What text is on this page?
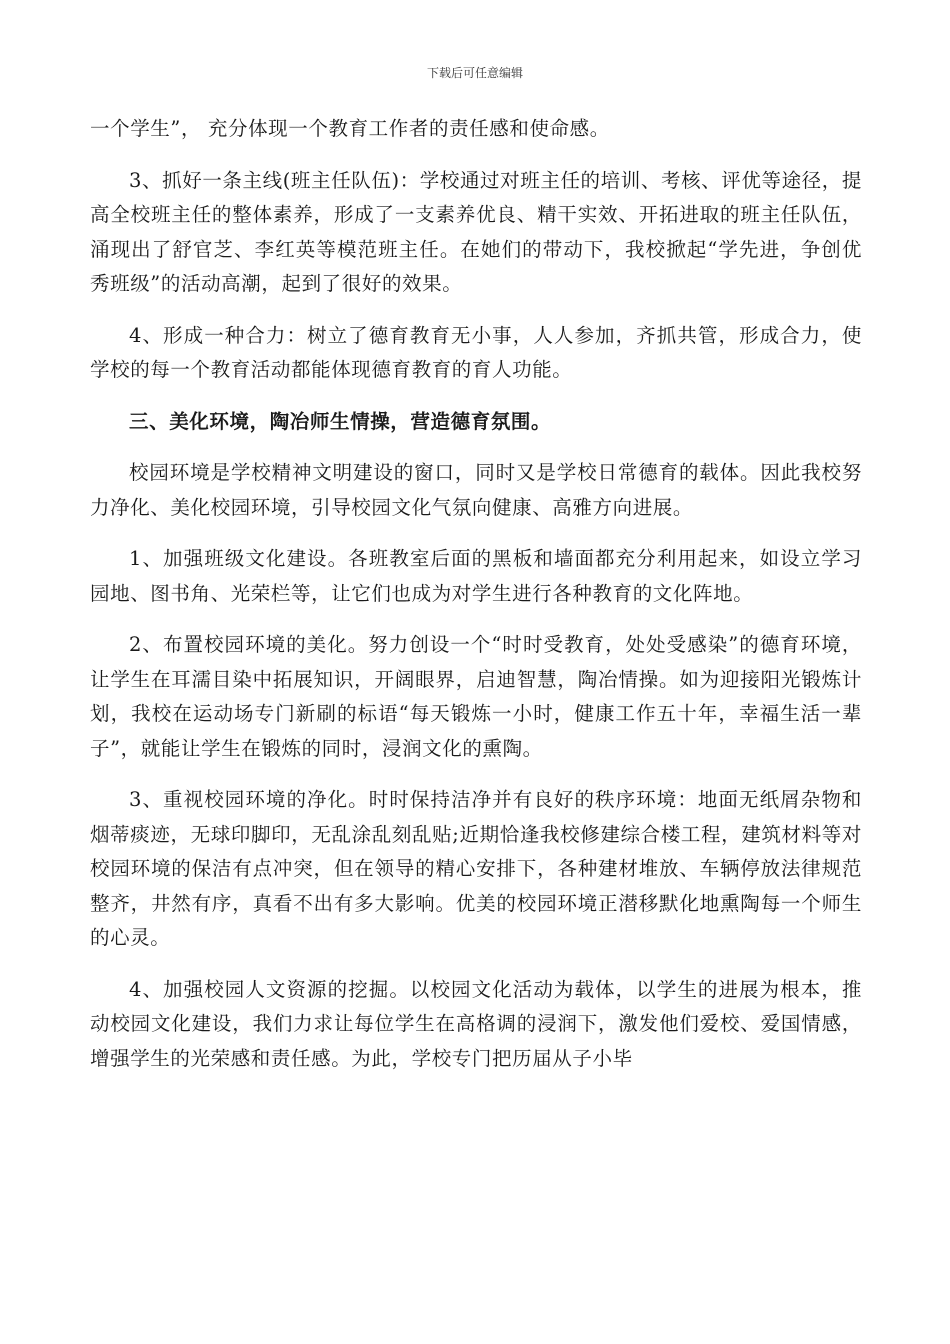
下载后可任意编辑

一个学生”， 充分体现一个教育工作者的责任感和使命感。

3、抓好一条主线(班主任队伍)：学校通过对班主任的培训、考核、评优等途径，提高全校班主任的整体素养，形成了一支素养优良、精干实效、开拓进取的班主任队伍，涌现出了舒官芝、李红英等模范班主任。在她们的带动下，我校掀起“学先进，争创优秀班级”的活动高潮，起到了很好的效果。

4、形成一种合力：树立了德育教育无小事，人人参加，齐抓共管，形成合力，使学校的每一个教育活动都能体现德育教育的育人功能。

三、美化环境，陶冶师生情操，营造德育氛围。

校园环境是学校精神文明建设的窗口，同时又是学校日常德育的载体。因此我校努力净化、美化校园环境，引导校园文化气氛向健康、高雅方向进展。

1、加强班级文化建设。各班教室后面的黑板和墙面都充分利用起来，如设立学习园地、图书角、光荣栏等，让它们也成为对学生进行各种教育的文化阵地。

2、布置校园环境的美化。努力创设一个“时时受教育，处处受感染”的德育环境，让学生在耳濡目染中拓展知识，开阔眼界，启迪智慧，陶冶情操。如为迎接阳光锻炼计划，我校在运动场专门新刷的标语“每天锻炼一小时，健康工作五十年，幸福生活一辈子”，就能让学生在锻炼的同时，浸润文化的熏陶。

3、重视校园环境的净化。时时保持洁净并有良好的秩序环境：地面无纸屑杂物和烟蒂痰迹，无球印脚印，无乱涂乱刻乱贴;近期恰逢我校修建综合楼工程，建筑材料等对校园环境的保洁有点冲突，但在领导的精心安排下，各种建材堆放、车辆停放法律规范整齐，井然有序，真看不出有多大影响。优美的校园环境正潜移默化地熏陶每一个师生的心灵。

4、加强校园人文资源的挖掘。以校园文化活动为载体，以学生的进展为根本，推动校园文化建设，我们力求让每位学生在高格调的浸润下，激发他们爱校、爱国情感，增强学生的光荣感和责任感。为此，学校专门把历届从子小毕
